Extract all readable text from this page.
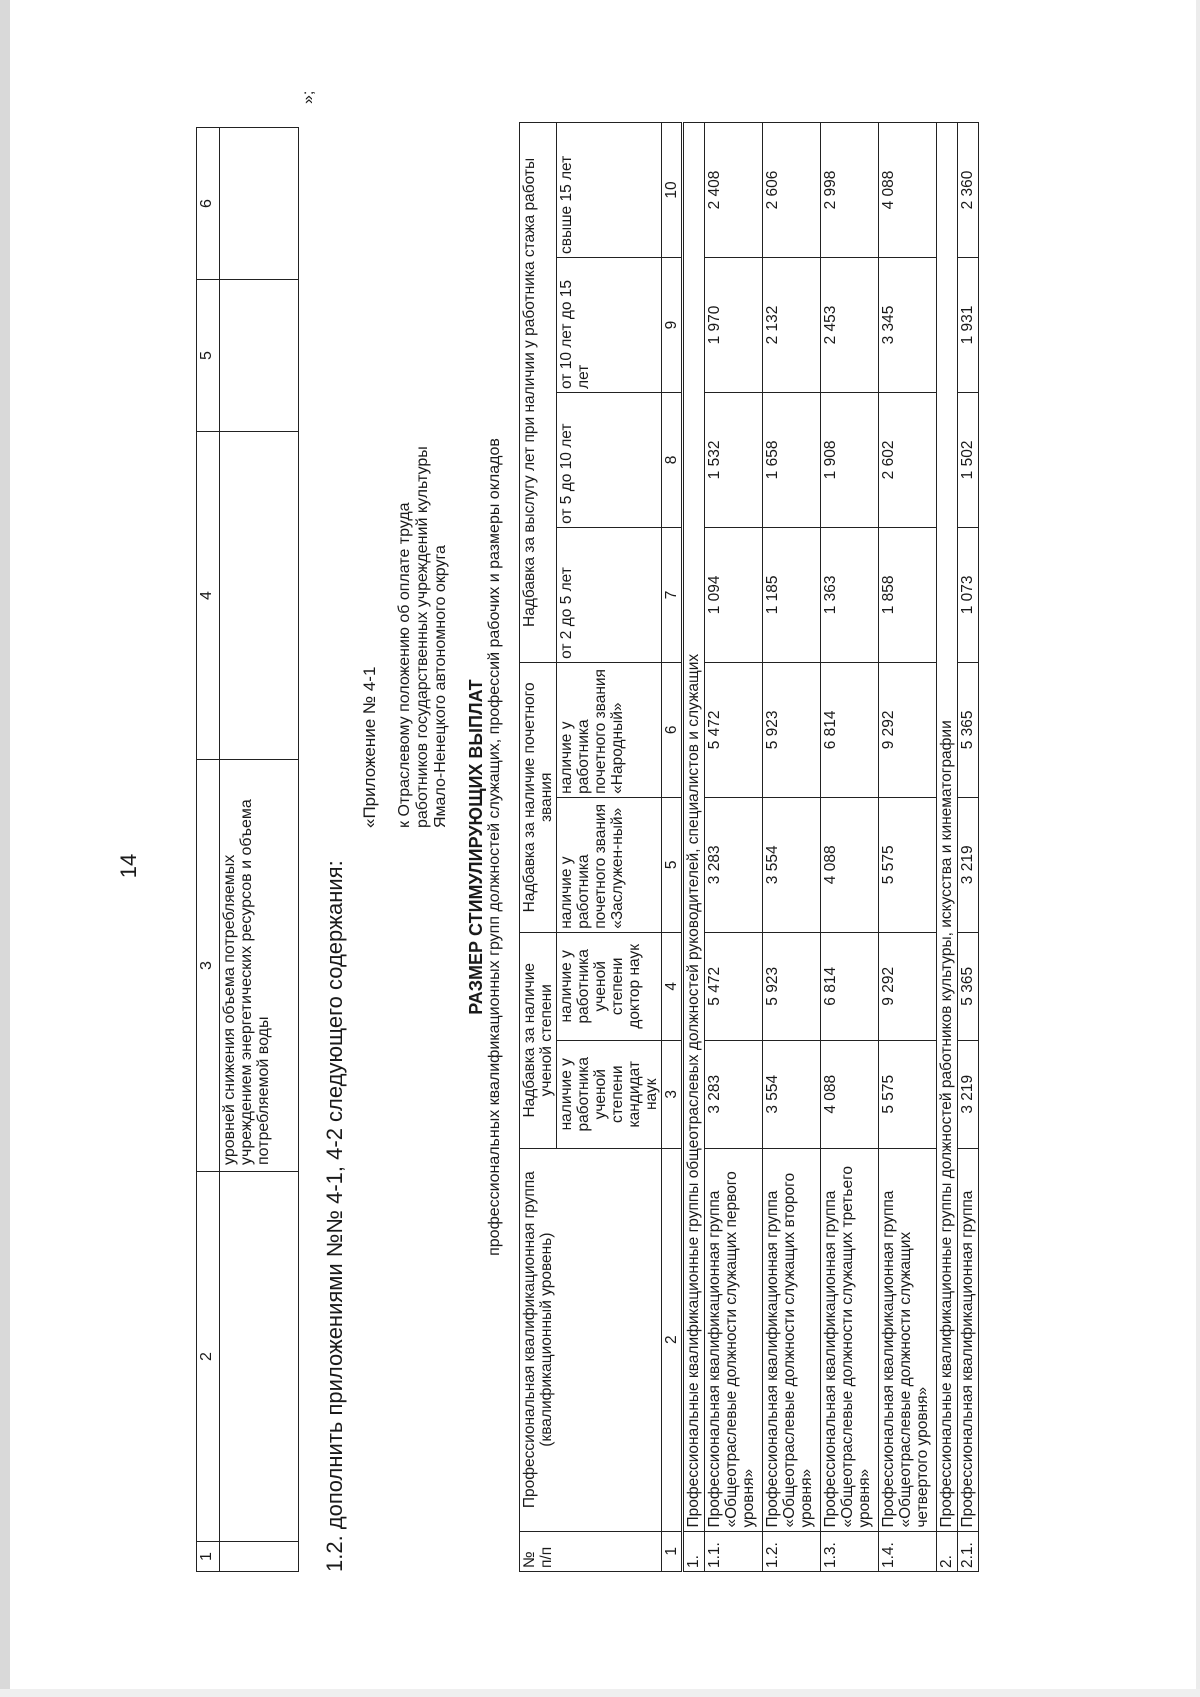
14
1	2	3	4	5	6
		уровней снижения объема потребляемых учреждением энергетических ресурсов и объема потребляемой воды			
»;
1.2. дополнить приложениями №№ 4-1, 4-2 следующего содержания:
«Приложение № 4-1 к Отраслевому положению об оплате труда работников государственных учреждений культуры Ямало-Ненецкого автономного округа РАЗМЕР СТИМУЛИРУЮЩИХ ВЫПЛАТ профессиональных квалификационных групп должностей служащих, профессий рабочих и размеры окладов
№ п/п	Профессиональная квалификационная группа (квалификационный уровень)	Надбавка за наличие ученой степени		Надбавка за наличие почетного звания		Надбавка за выслугу лет при наличии у работника стажа работы			
		наличие у работника ученой степени кандидат наук	наличие у работника ученой степени доктор наук	наличие у работника почетного звания «Заслужен-ный»	наличие у работника почетного звания «Народный»	от 2 до 5 лет	от 5 до 10 лет	от 10 лет до 15 лет	свыше 15 лет
1	2	3	4	5	6	7	8	9	10
1.	Профессиональные квалификационные группы общеотраслевых должностей руководителей, специалистов и служащих								
1.1.	Профессиональная квалификационная группа «Общеотраслевые должности служащих первого уровня»	3 283	5 472	3 283	5 472	1 094	1 532	1 970	2 408
1.2.	Профессиональная квалификационная группа «Общеотраслевые должности служащих второго уровня»	3 554	5 923	3 554	5 923	1 185	1 658	2 132	2 606
1.3.	Профессиональная квалификационная группа «Общеотраслевые должности служащих третьего уровня»	4 088	6 814	4 088	6 814	1 363	1 908	2 453	2 998
1.4.	Профессиональная квалификационная группа «Общеотраслевые должности служащих четвертого уровня»	5 575	9 292	5 575	9 292	1 858	2 602	3 345	4 088
2.	Профессиональные квалификационные группы должностей работников культуры, искусства и кинематографии								
2.1.	Профессиональная квалификационная группа	3 219	5 365	3 219	5 365	1 073	1 502	1 931	2 360
